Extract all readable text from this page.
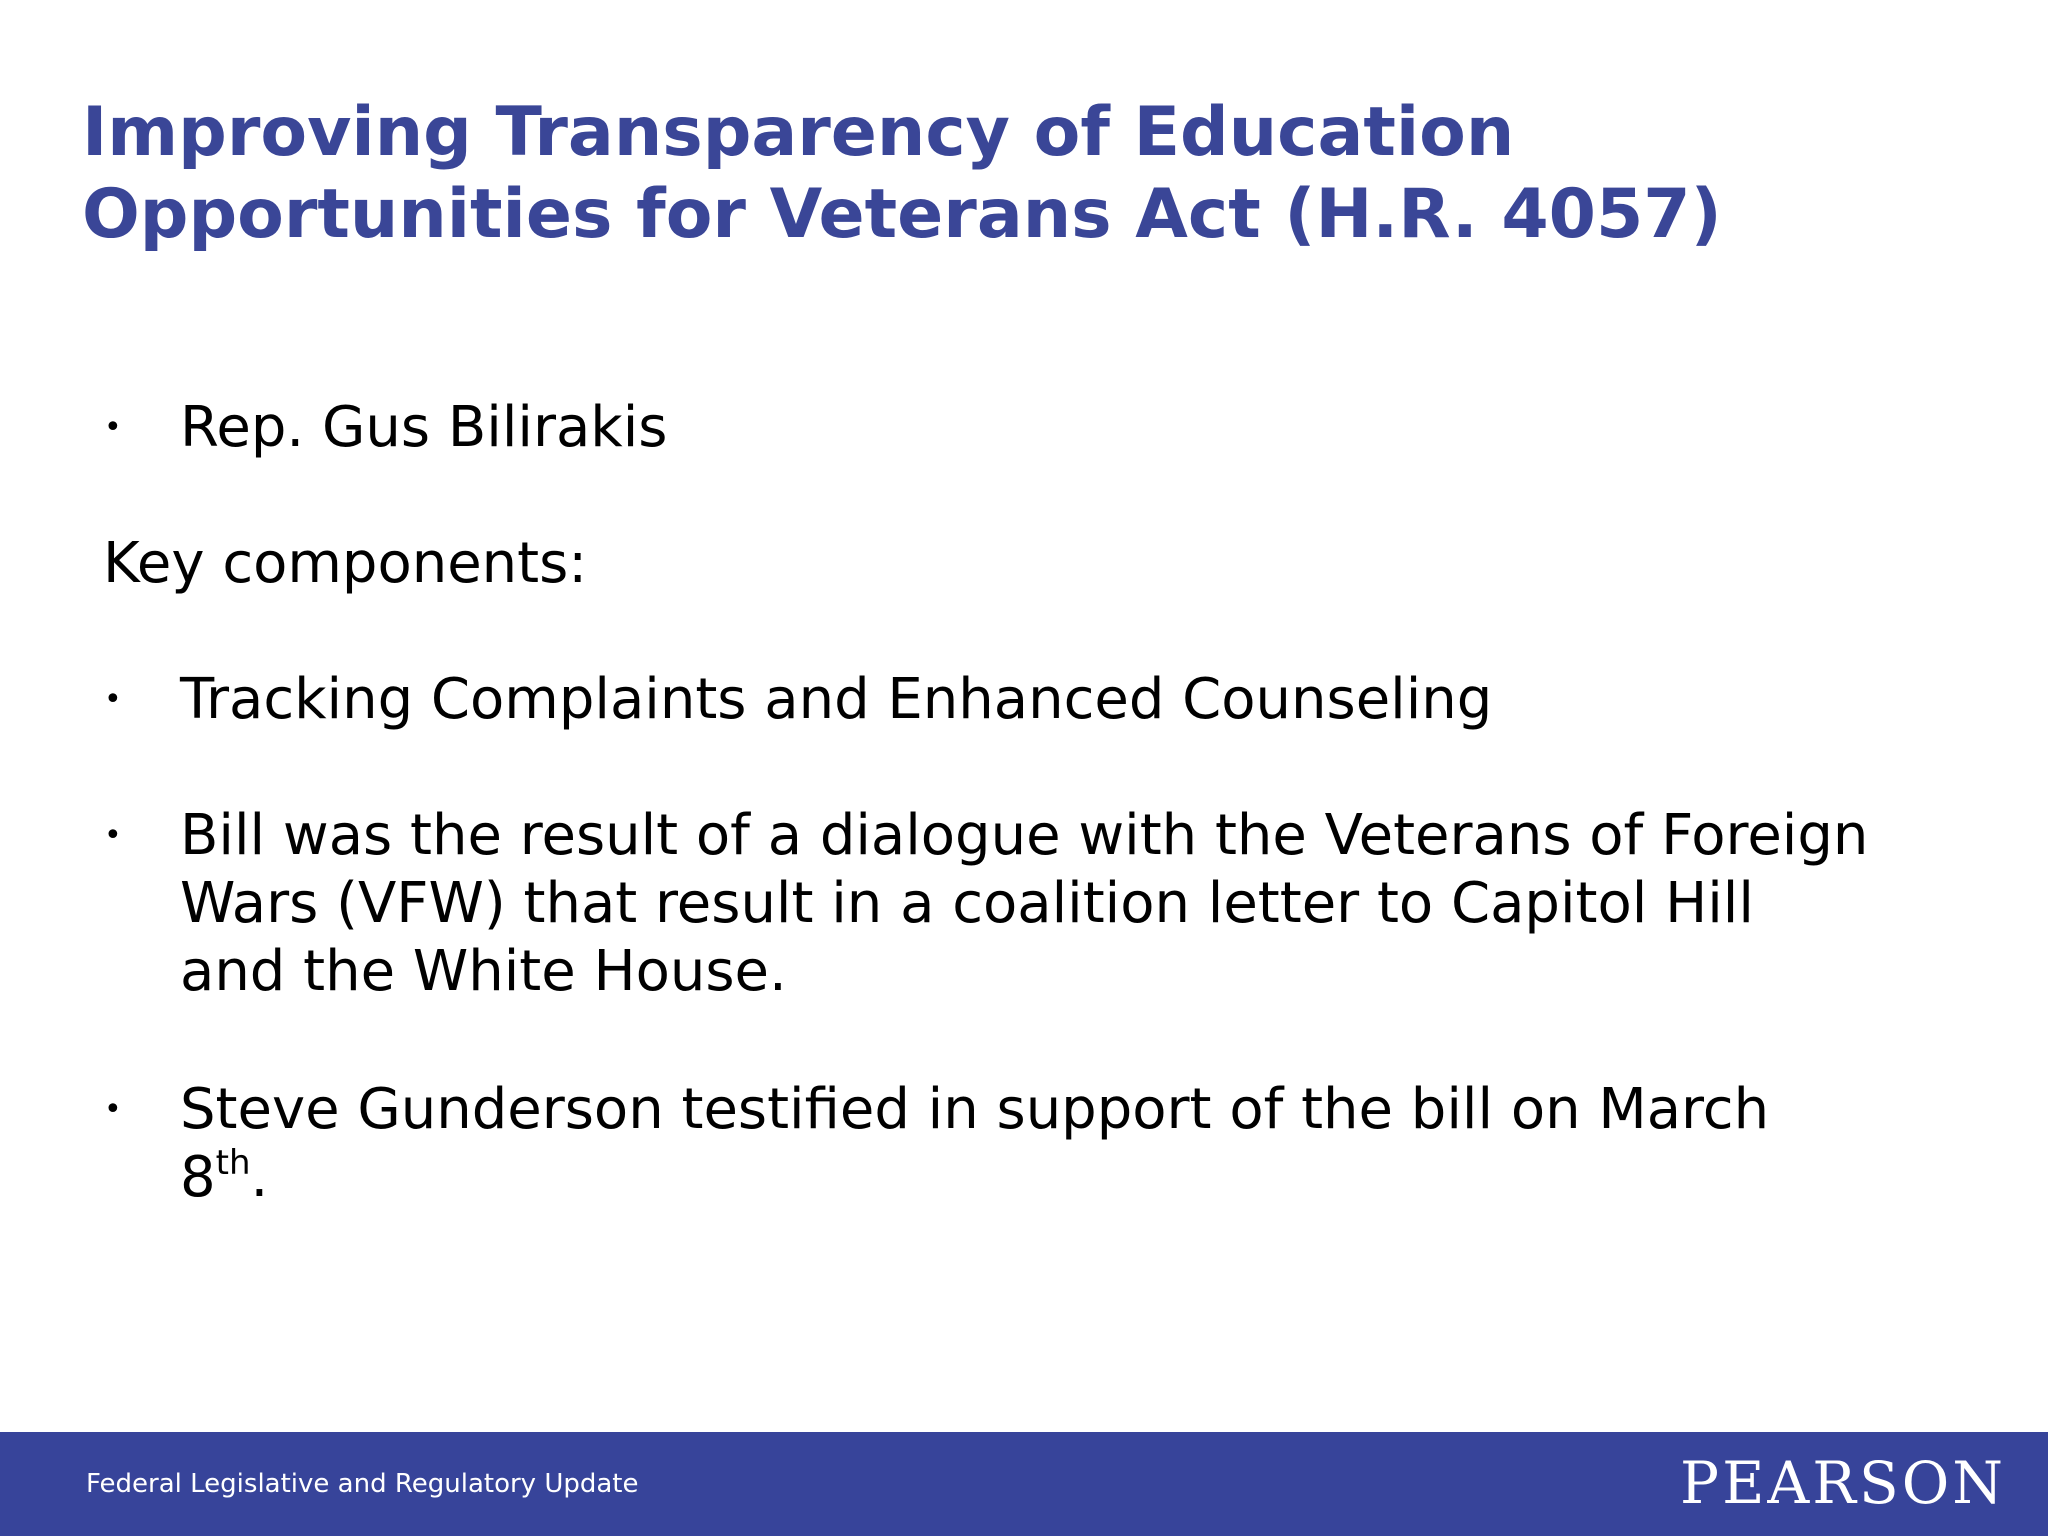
Improving Transparency of Education
Opportunities for Veterans Act (H.R. 4057)
• Rep. Gus Bilirakis
Key components:
• Tracking Complaints and Enhanced Counseling
• Bill was the result of a dialogue with the Veterans of Foreign
Wars (VFW) that result in a coalition letter to Capitol Hill
and the White House.
• Steve Gunderson testified in support of the bill on March
8th.
Federal Legislative and Regulatory Update	PEARSON
